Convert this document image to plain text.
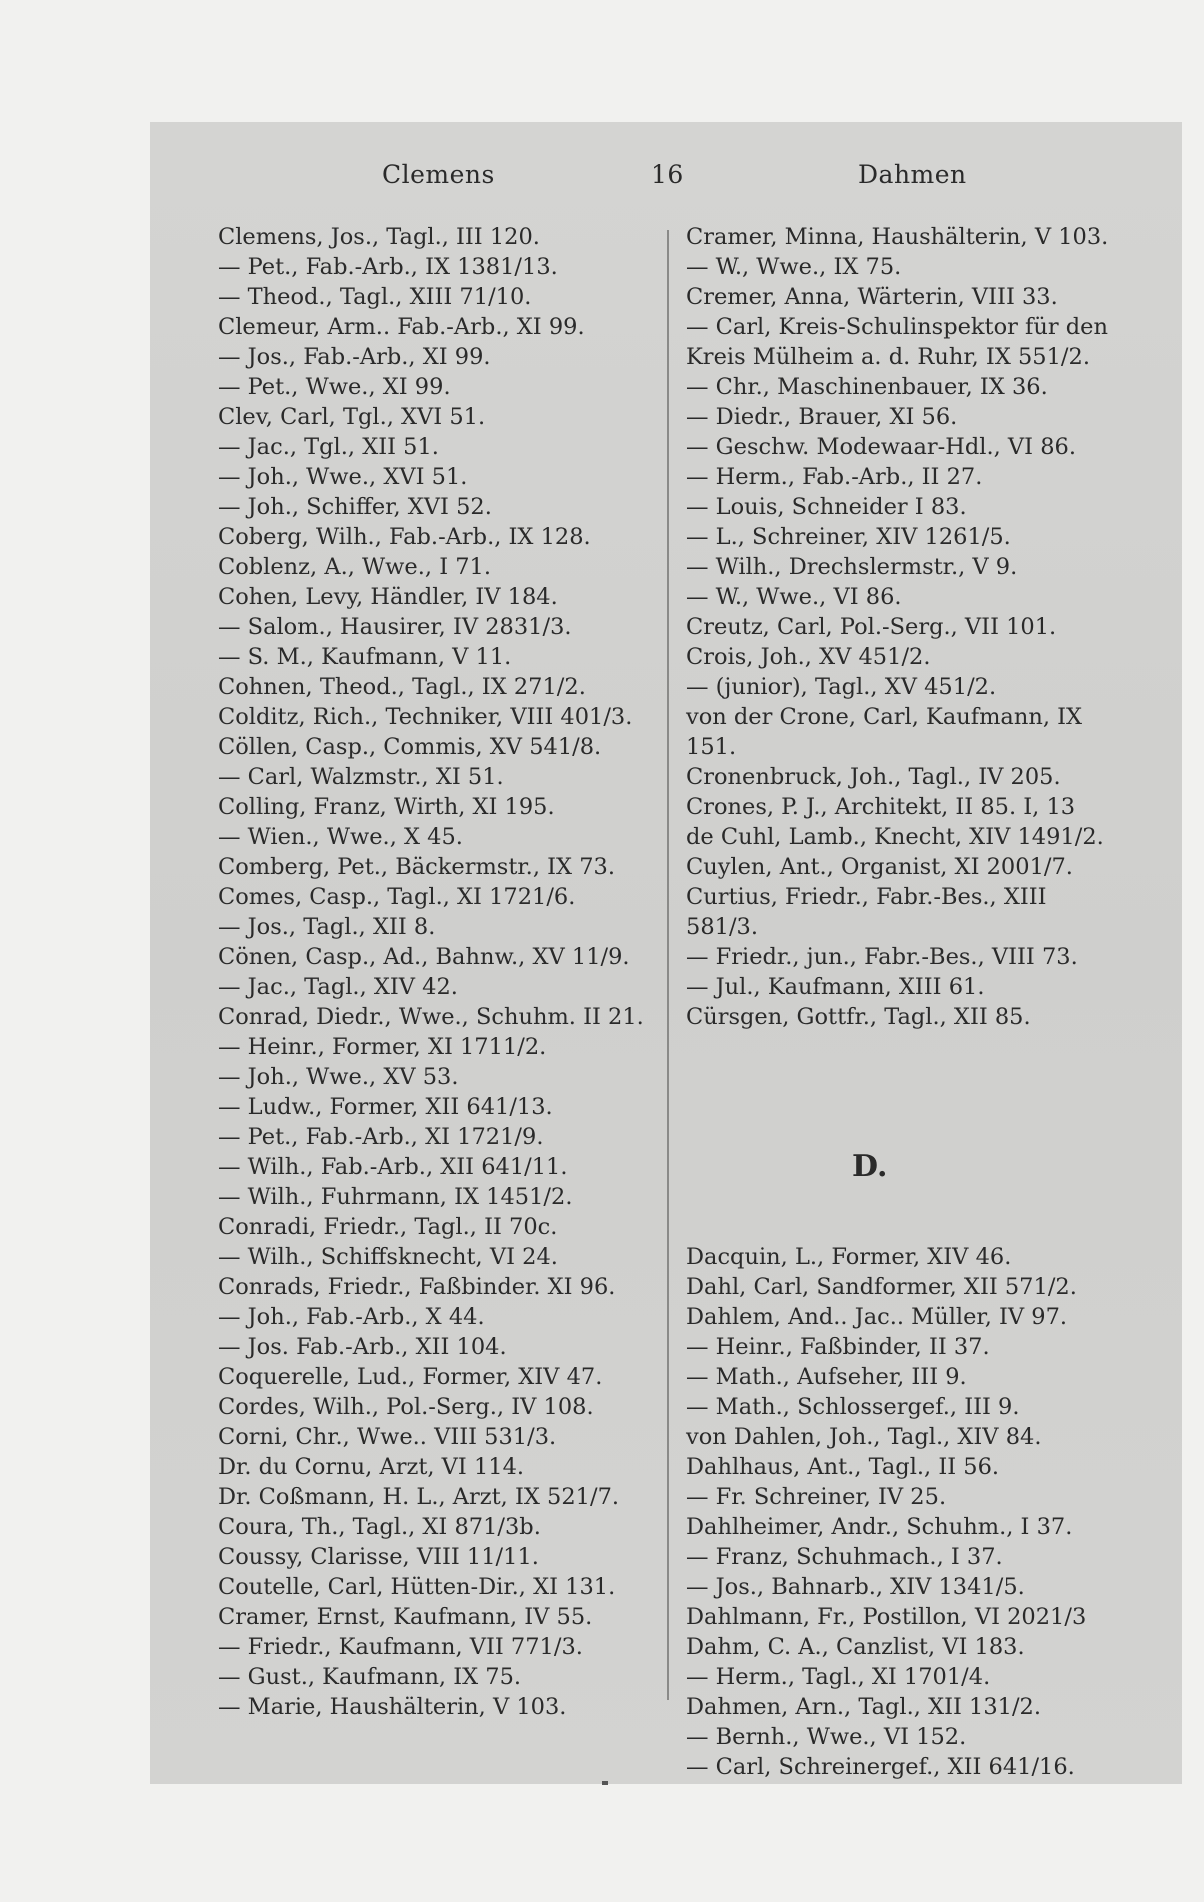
Clemens	16	Dahmen
Clemens, Jos., Tagl., III 120.
— Pet., Fab.-Arb., IX 1381/13.
— Theod., Tagl., XIII 71/10.
Clemeur, Arm.. Fab.-Arb., XI 99.
— Jos., Fab.-Arb., XI 99.
— Pet., Wwe., XI 99.
Clev, Carl, Tgl., XVI 51.
— Jac., Tgl., XII 51.
— Joh., Wwe., XVI 51.
— Joh., Schiffer, XVI 52.
Coberg, Wilh., Fab.-Arb., IX 128.
Coblenz, A., Wwe., I 71.
Cohen, Levy, Händler, IV 184.
— Salom., Hausirer, IV 2831/3.
— S. M., Kaufmann, V 11.
Cohnen, Theod., Tagl., IX 271/2.
Colditz, Rich., Techniker, VIII 401/3.
Cöllen, Casp., Commis, XV 541/8.
— Carl, Walzmstr., XI 51.
Colling, Franz, Wirth, XI 195.
— Wien., Wwe., X 45.
Comberg, Pet., Bäckermstr., IX 73.
Comes, Casp., Tagl., XI 1721/6.
— Jos., Tagl., XII 8.
Cönen, Casp., Ad., Bahnw., XV 11/9.
— Jac., Tagl., XIV 42.
Conrad, Diedr., Wwe., Schuhm. II 21.
— Heinr., Former, XI 1711/2.
— Joh., Wwe., XV 53.
— Ludw., Former, XII 641/13.
— Pet., Fab.-Arb., XI 1721/9.
— Wilh., Fab.-Arb., XII 641/11.
— Wilh., Fuhrmann, IX 1451/2.
Conradi, Friedr., Tagl., II 70c.
— Wilh., Schiffsknecht, VI 24.
Conrads, Friedr., Faßbinder. XI 96.
— Joh., Fab.-Arb., X 44.
— Jos. Fab.-Arb., XII 104.
Coquerelle, Lud., Former, XIV 47.
Cordes, Wilh., Pol.-Serg., IV 108.
Corni, Chr., Wwe.. VIII 531/3.
Dr. du Cornu, Arzt, VI 114.
Dr. Coßmann, H. L., Arzt, IX 521/7.
Coura, Th., Tagl., XI 871/3b.
Coussy, Clarisse, VIII 11/11.
Coutelle, Carl, Hütten-Dir., XI 131.
Cramer, Ernst, Kaufmann, IV 55.
— Friedr., Kaufmann, VII 771/3.
— Gust., Kaufmann, IX 75.
— Marie, Haushälterin, V 103.
Cramer, Minna, Haushälterin, V 103.
— W., Wwe., IX 75.
Cremer, Anna, Wärterin, VIII 33.
— Carl, Kreis-Schulinspektor für den
Kreis Mülheim a. d. Ruhr, IX 551/2.
— Chr., Maschinenbauer, IX 36.
— Diedr., Brauer, XI 56.
— Geschw. Modewaar-Hdl., VI 86.
— Herm., Fab.-Arb., II 27.
— Louis, Schneider I 83.
— L., Schreiner, XIV 1261/5.
— Wilh., Drechslermstr., V 9.
— W., Wwe., VI 86.
Creutz, Carl, Pol.-Serg., VII 101.
Crois, Joh., XV 451/2.
— (junior), Tagl., XV 451/2.
von der Crone, Carl, Kaufmann, IX
151.
Cronenbruck, Joh., Tagl., IV 205.
Crones, P. J., Architekt, II 85. I, 13
de Cuhl, Lamb., Knecht, XIV 1491/2.
Cuylen, Ant., Organist, XI 2001/7.
Curtius, Friedr., Fabr.-Bes., XIII
581/3.
— Friedr., jun., Fabr.-Bes., VIII 73.
— Jul., Kaufmann, XIII 61.
Cürsgen, Gottfr., Tagl., XII 85.
D.
Dacquin, L., Former, XIV 46.
Dahl, Carl, Sandformer, XII 571/2.
Dahlem, And.. Jac.. Müller, IV 97.
— Heinr., Faßbinder, II 37.
— Math., Aufseher, III 9.
— Math., Schlossergef., III 9.
von Dahlen, Joh., Tagl., XIV 84.
Dahlhaus, Ant., Tagl., II 56.
— Fr. Schreiner, IV 25.
Dahlheimer, Andr., Schuhm., I 37.
— Franz, Schuhmach., I 37.
— Jos., Bahnarb., XIV 1341/5.
Dahlmann, Fr., Postillon, VI 2021/3
Dahm, C. A., Canzlist, VI 183.
— Herm., Tagl., XI 1701/4.
Dahmen, Arn., Tagl., XII 131/2.
— Bernh., Wwe., VI 152.
— Carl, Schreinergef., XII 641/16.
